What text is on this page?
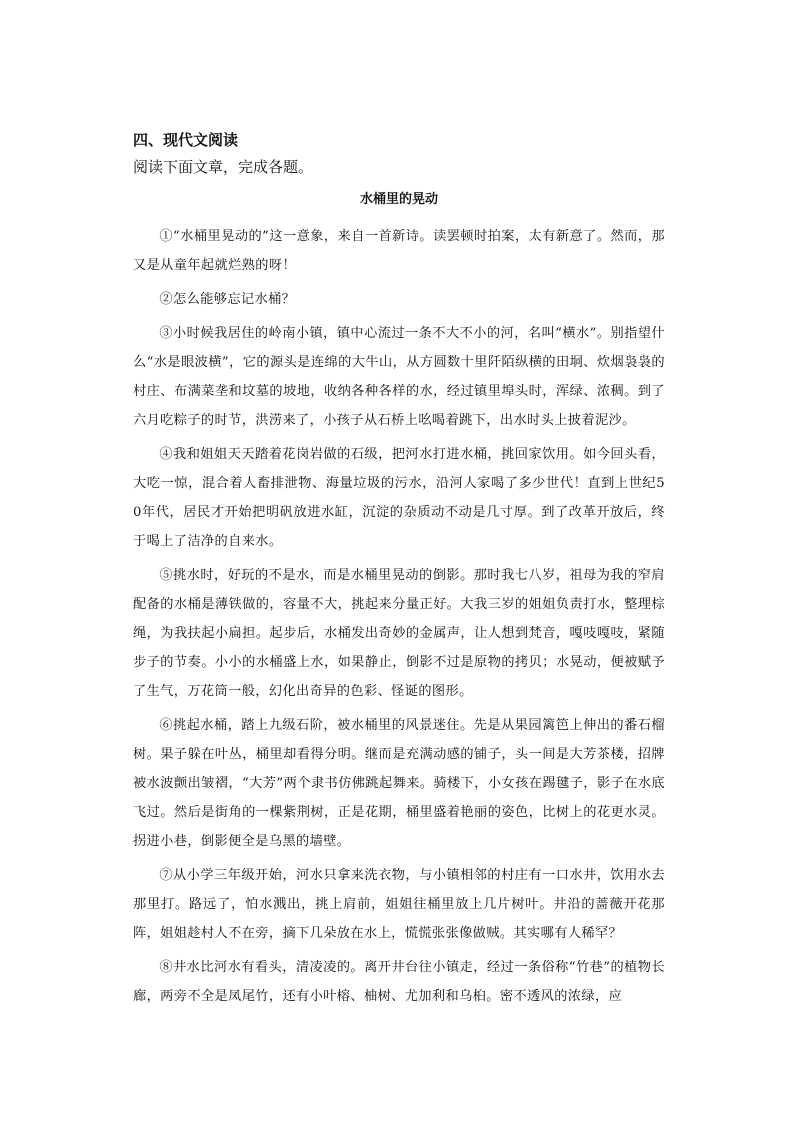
四、现代文阅读

阅读下面文章，完成各题。

水桶里的晃动

①“水桶里晃动的”这一意象，来自一首新诗。读罢顿时拍案，太有新意了。然而，那又是从童年起就烂熟的呀！

②怎么能够忘记水桶？

③小时候我居住的岭南小镇，镇中心流过一条不大不小的河，名叫“横水”。别指望什么“水是眼波横”，它的源头是连绵的大牛山，从方圆数十里阡陌纵横的田垌、炊烟袅袅的村庄、布满菜垄和坟墓的坡地，收纳各种各样的水，经过镇里埠头时，浑绿、浓稠。到了六月吃粽子的时节，洪涝来了，小孩子从石桥上吆喝着跳下，出水时头上披着泥沙。

④我和姐姐天天踏着花岗岩做的石级，把河水打进水桶，挑回家饮用。如今回头看，大吃一惊，混合着人畜排泄物、海量垃圾的污水，沿河人家喝了多少世代！直到上世纪50年代，居民才开始把明矾放进水缸，沉淀的杂质动不动是几寸厚。到了改革开放后，终于喝上了洁净的自来水。

⑤挑水时，好玩的不是水，而是水桶里晃动的倒影。那时我七八岁，祖母为我的窄肩配备的水桶是薄铁做的，容量不大，挑起来分量正好。大我三岁的姐姐负责打水，整理棕绳，为我扶起小扁担。起步后，水桶发出奇妙的金属声，让人想到梵音，嘎吱嘎吱，紧随步子的节奏。小小的水桶盛上水，如果静止，倒影不过是原物的拷贝；水晃动，便被赋予了生气，万花筒一般，幻化出奇异的色彩、怪诞的图形。

⑥挑起水桶，踏上九级石阶，被水桶里的风景迷住。先是从果园篱笆上伸出的番石榴树。果子躲在叶丛，桶里却看得分明。继而是充满动感的铺子，头一间是大芳茶楼，招牌被水波颤出皱褶，“大芳”两个隶书仿佛跳起舞来。骑楼下，小女孩在踢毽子，影子在水底飞过。然后是街角的一棵紫荆树，正是花期，桶里盛着艳丽的姿色，比树上的花更水灵。拐进小巷，倒影便全是乌黑的墙壁。

⑦从小学三年级开始，河水只拿来洗衣物，与小镇相邻的村庄有一口水井，饮用水去那里打。路远了，怕水溅出，挑上肩前，姐姐往桶里放上几片树叶。井沿的蔷薇开花那阵，姐姐趁村人不在旁，摘下几朵放在水上，慌慌张张像做贼。其实哪有人稀罕？

⑧井水比河水有看头，清凌凌的。离开井台往小镇走，经过一条俗称“竹巷”的植物长廊，两旁不全是凤尾竹，还有小叶榕、柚树、尤加利和乌桕。密不透风的浓绿，应
